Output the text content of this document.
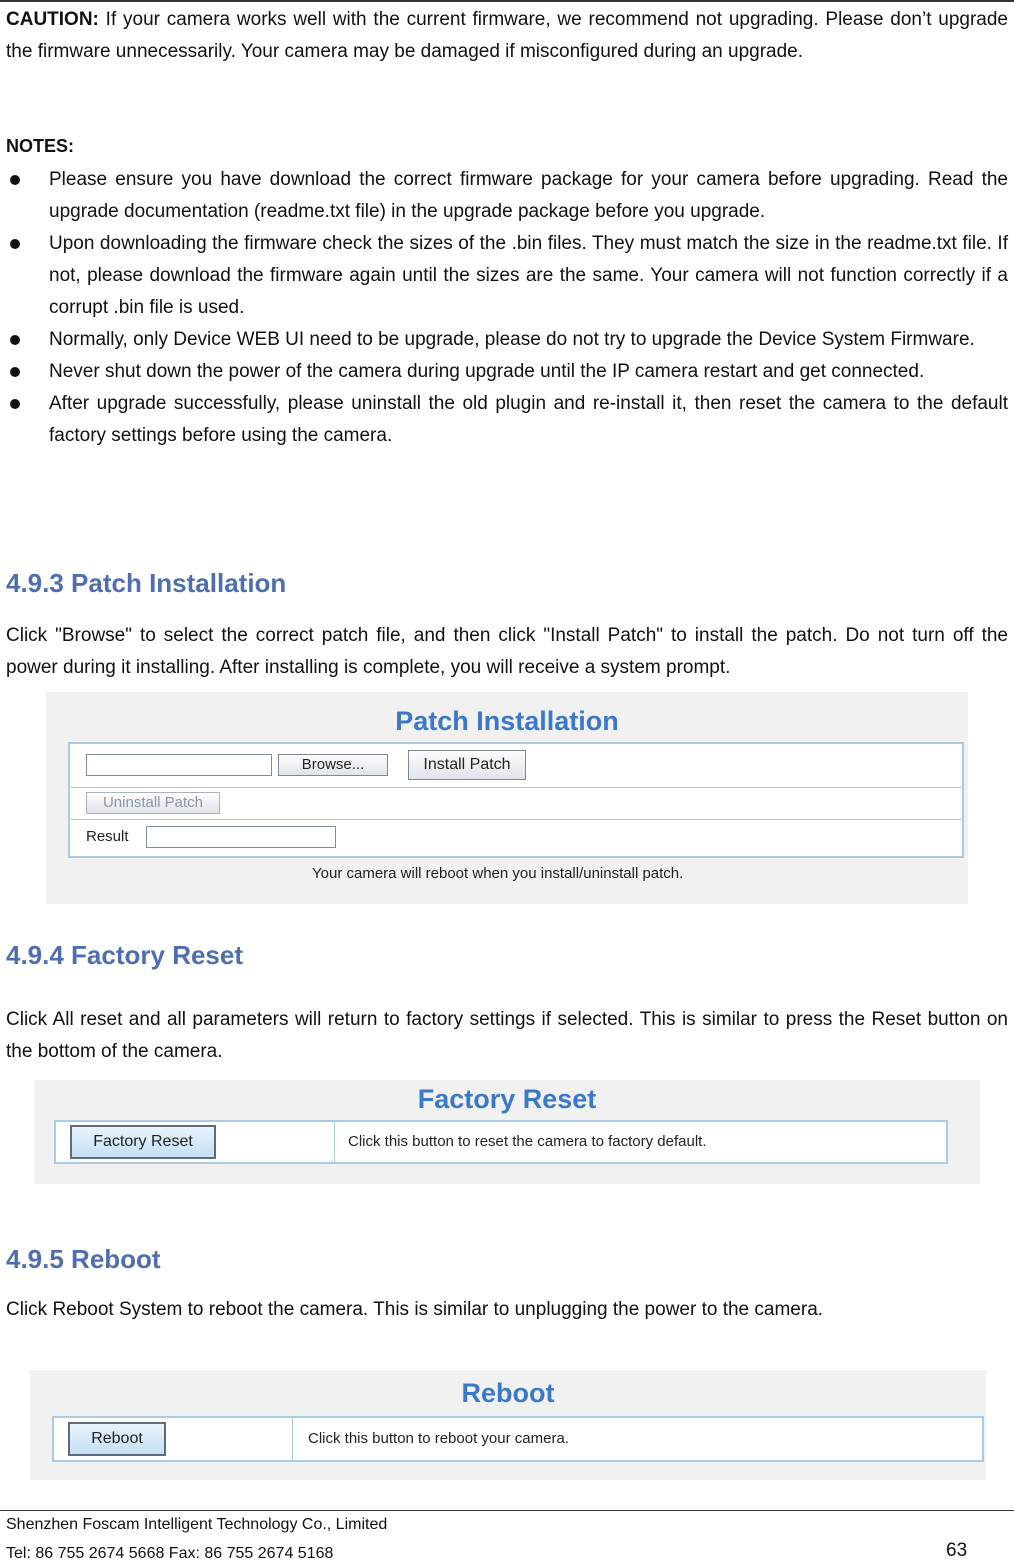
CAUTION: If your camera works well with the current firmware, we recommend not upgrading. Please don’t upgrade the firmware unnecessarily. Your camera may be damaged if misconfigured during an upgrade.

NOTES:
Please ensure you have download the correct firmware package for your camera before upgrading. Read the upgrade documentation (readme.txt file) in the upgrade package before you upgrade.
Upon downloading the firmware check the sizes of the .bin files. They must match the size in the readme.txt file. If not, please download the firmware again until the sizes are the same. Your camera will not function correctly if a corrupt .bin file is used.
Normally, only Device WEB UI need to be upgrade, please do not try to upgrade the Device System Firmware.
Never shut down the power of the camera during upgrade until the IP camera restart and get connected.
After upgrade successfully, please uninstall the old plugin and re-install it, then reset the camera to the default factory settings before using the camera.
4.9.3 Patch Installation

Click "Browse" to select the correct patch file, and then click "Install Patch" to install the patch. Do not turn off the power during it installing. After installing is complete, you will receive a system prompt.

Patch Installation
Browse...	Install Patch
Uninstall Patch
Result
Your camera will reboot when you install/uninstall patch.
4.9.4 Factory Reset

Click All reset and all parameters will return to factory settings if selected. This is similar to press the Reset button on the bottom of the camera.

Factory Reset
Factory Reset	Click this button to reset the camera to factory default.
4.9.5 Reboot

Click Reboot System to reboot the camera. This is similar to unplugging the power to the camera.

Reboot
Reboot	Click this button to reboot your camera.
Shenzhen Foscam Intelligent Technology Co., Limited
Tel: 86 755 2674 5668 Fax: 86 755 2674 5168	63
